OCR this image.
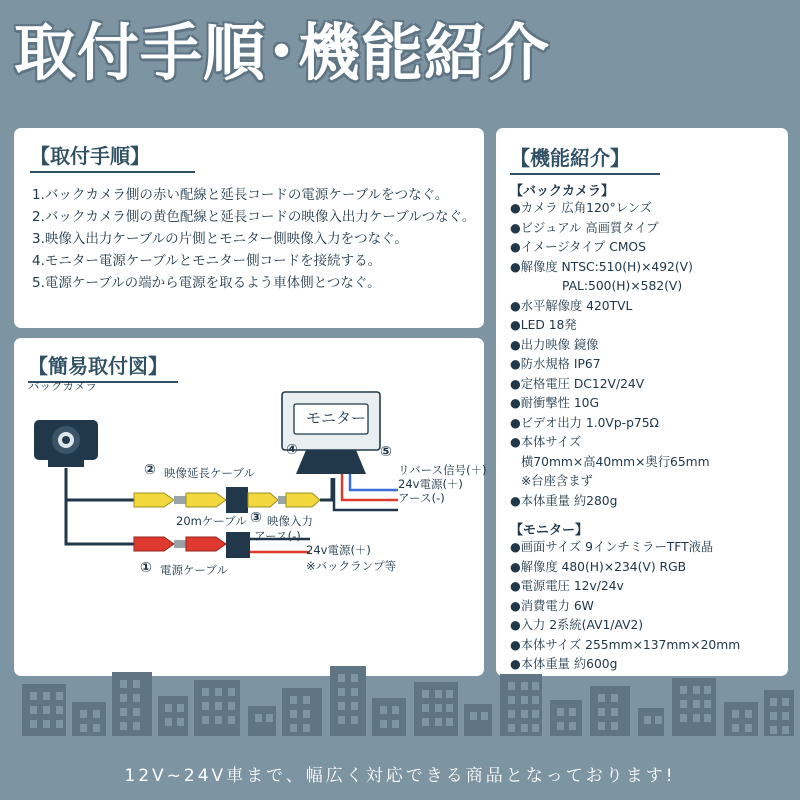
取付手順･機能紹介
【取付手順】
1.バックカメラ側の赤い配線と延長コードの電源ケーブルをつなぐ。
2.バックカメラ側の黄色配線と延長コードの映像入出力ケーブルつなぐ。
3.映像入出力ケーブルの片側とモニター側映像入力をつなぐ。
4.モニター電源ケーブルとモニター側コードを接続する。
5.電源ケーブルの端から電源を取るよう車体側とつなぐ。
【機能紹介】
【バックカメラ】
●カメラ 広角120°レンズ
●ビジュアル 高画質タイプ
●イメージタイプ CMOS
●解像度 NTSC:510(H)×492(V)
PAL:500(H)×582(V)
●水平解像度 420TVL
●LED 18発
●出力映像 鏡像
●防水規格 IP67
●定格電圧 DC12V/24V
●耐衝撃性 10G
●ビデオ出力 1.0Vp-p75Ω
●本体サイズ
横70mm×高40mm×奥行65mm
※台座含まず
●本体重量 約280g
【モニター】
●画面サイズ 9インチミラーTFT液晶
●解像度 480(H)×234(V) RGB
●電源電圧 12v/24v
●消費電力 6W
●入力 2系統(AV1/AV2)
●本体サイズ 255mm×137mm×20mm
●本体重量 約600g
【簡易取付図】
バックカメラ
モニター
映像延長ケーブル
20mケーブル 映像入力
アース(-)
24v電源(＋)
※バックランプ等
電源ケーブル
リバース信号(＋)
24v電源(＋)
アース(-)
①
②
③
④	⑤
12V~24V車まで、幅広く対応できる商品となっております!
